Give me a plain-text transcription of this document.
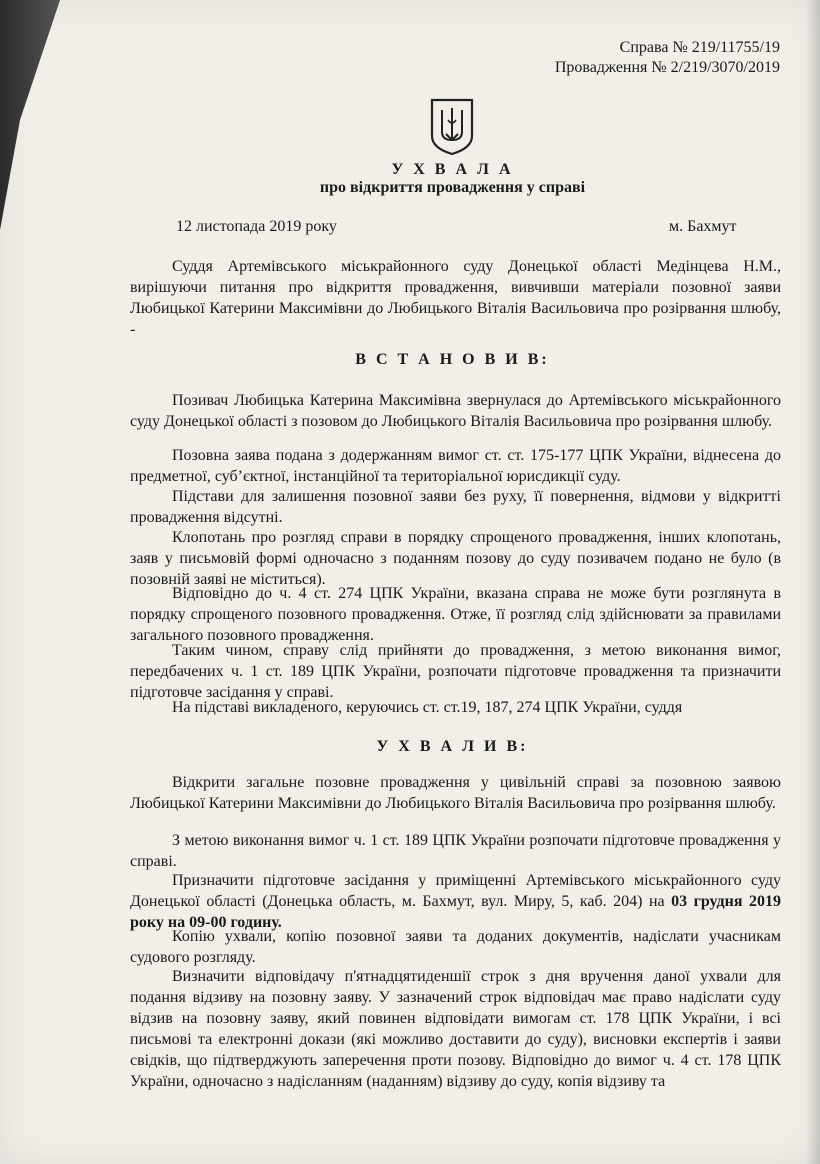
Справа № 219/11755/19
Провадження № 2/219/3070/2019
У Х В А Л А
про відкриття провадження у справі
12 листопада 2019 року	м. Бахмут
Суддя Артемівського міськрайонного суду Донецької області Медінцева Н.М., вирішуючи питання про відкриття провадження, вивчивши матеріали позовної заяви Любицької Катерини Максимівни до Любицького Віталія Васильовича про розірвання шлюбу, -
В С Т А Н О В И В:
Позивач Любицька Катерина Максимівна звернулася до Артемівського міськрайонного суду Донецької області з позовом до Любицького Віталія Васильовича про розірвання шлюбу.
Позовна заява подана з додержанням вимог ст. ст. 175-177 ЦПК України, віднесена до предметної, суб’єктної, інстанційної та територіальної юрисдикції суду.
Підстави для залишення позовної заяви без руху, її повернення, відмови у відкритті провадження відсутні.
Клопотань про розгляд справи в порядку спрощеного провадження, інших клопотань, заяв у письмовій формі одночасно з поданням позову до суду позивачем подано не було (в позовній заяві не міститься).
Відповідно до ч. 4 ст. 274 ЦПК України, вказана справа не може бути розглянута в порядку спрощеного позовного провадження. Отже, її розгляд слід здійснювати за правилами загального позовного провадження.
Таким чином, справу слід прийняти до провадження, з метою виконання вимог, передбачених ч. 1 ст. 189 ЦПК України, розпочати підготовче провадження та призначити підготовче засідання у справі.
На підставі викладеного, керуючись ст. ст.19, 187, 274 ЦПК України, суддя
У Х В А Л И В:
Відкрити загальне позовне провадження у цивільній справі за позовною заявою Любицької Катерини Максимівни до Любицького Віталія Васильовича про розірвання шлюбу.
З метою виконання вимог ч. 1 ст. 189 ЦПК України розпочати підготовче провадження у справі.
Призначити підготовче засідання у приміщенні Артемівського міськрайонного суду Донецької області (Донецька область, м. Бахмут, вул. Миру, 5, каб. 204) на 03 грудня 2019 року на 09-00 годину.
Копію ухвали, копію позовної заяви та доданих документів, надіслати учасникам судового розгляду.
Визначити відповідачу п'ятнадцятиденшії строк з дня вручення даної ухвали для подання відзиву на позовну заяву. У зазначений строк відповідач має право надіслати суду відзив на позовну заяву, який повинен відповідати вимогам ст. 178 ЦПК України, і всі письмові та електронні докази (які можливо доставити до суду), висновки експертів і заяви свідків, що підтверджують заперечення проти позову. Відповідно до вимог ч. 4 ст. 178 ЦПК України, одночасно з надісланням (наданням) відзиву до суду, копія відзиву та
